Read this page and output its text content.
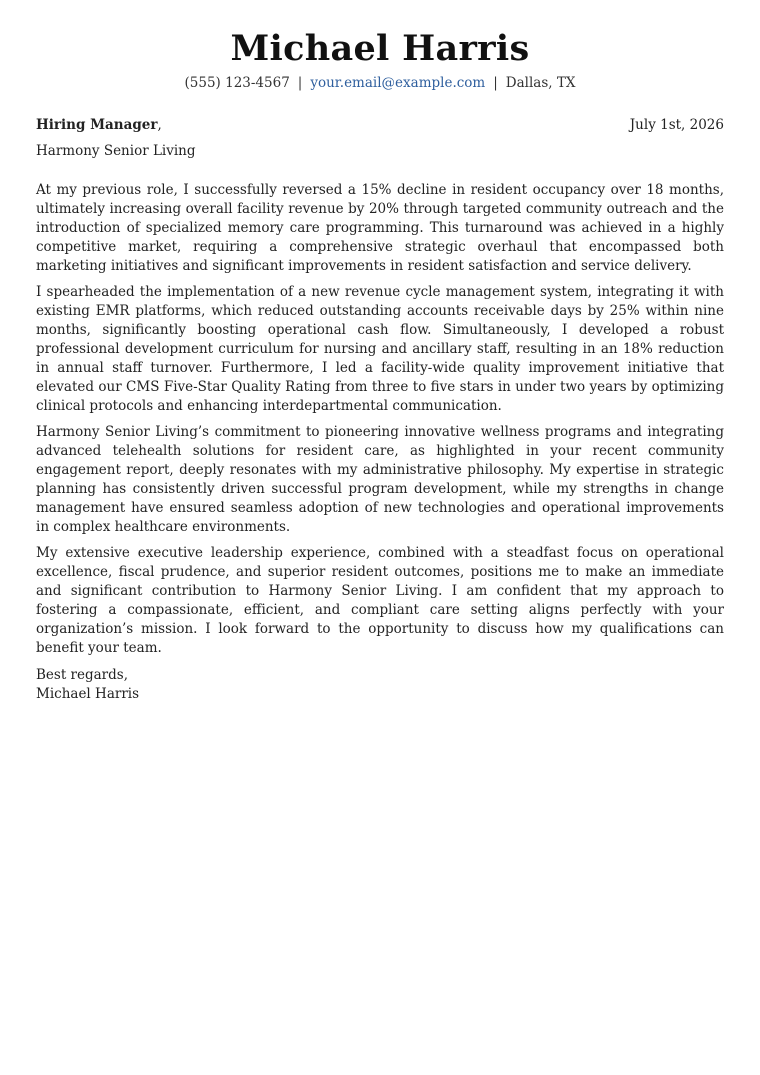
Michael Harris
(555) 123-4567 | your.email@example.com | Dallas, TX
Hiring Manager,	July 1st, 2026
Harmony Senior Living

At my previous role, I successfully reversed a 15% decline in resident occupancy over 18 months, ultimately increasing overall facility revenue by 20% through targeted community outreach and the introduction of specialized memory care programming. This turnaround was achieved in a highly competitive market, requiring a comprehensive strategic overhaul that encompassed both marketing initiatives and significant improvements in resident satisfaction and service delivery.

I spearheaded the implementation of a new revenue cycle management system, integrating it with existing EMR platforms, which reduced outstanding accounts receivable days by 25% within nine months, significantly boosting operational cash flow. Simultaneously, I developed a robust professional development curriculum for nursing and ancillary staff, resulting in an 18% reduction in annual staff turnover. Furthermore, I led a facility-wide quality improvement initiative that elevated our CMS Five-Star Quality Rating from three to five stars in under two years by optimizing clinical protocols and enhancing interdepartmental communication.

Harmony Senior Living’s commitment to pioneering innovative wellness programs and integrating advanced telehealth solutions for resident care, as highlighted in your recent community engagement report, deeply resonates with my administrative philosophy. My expertise in strategic planning has consistently driven successful program development, while my strengths in change management have ensured seamless adoption of new technologies and operational improvements in complex healthcare environments.

My extensive executive leadership experience, combined with a steadfast focus on operational excellence, fiscal prudence, and superior resident outcomes, positions me to make an immediate and significant contribution to Harmony Senior Living. I am confident that my approach to fostering a compassionate, efficient, and compliant care setting aligns perfectly with your organization’s mission. I look forward to the opportunity to discuss how my qualifications can benefit your team.

Best regards,
Michael Harris
